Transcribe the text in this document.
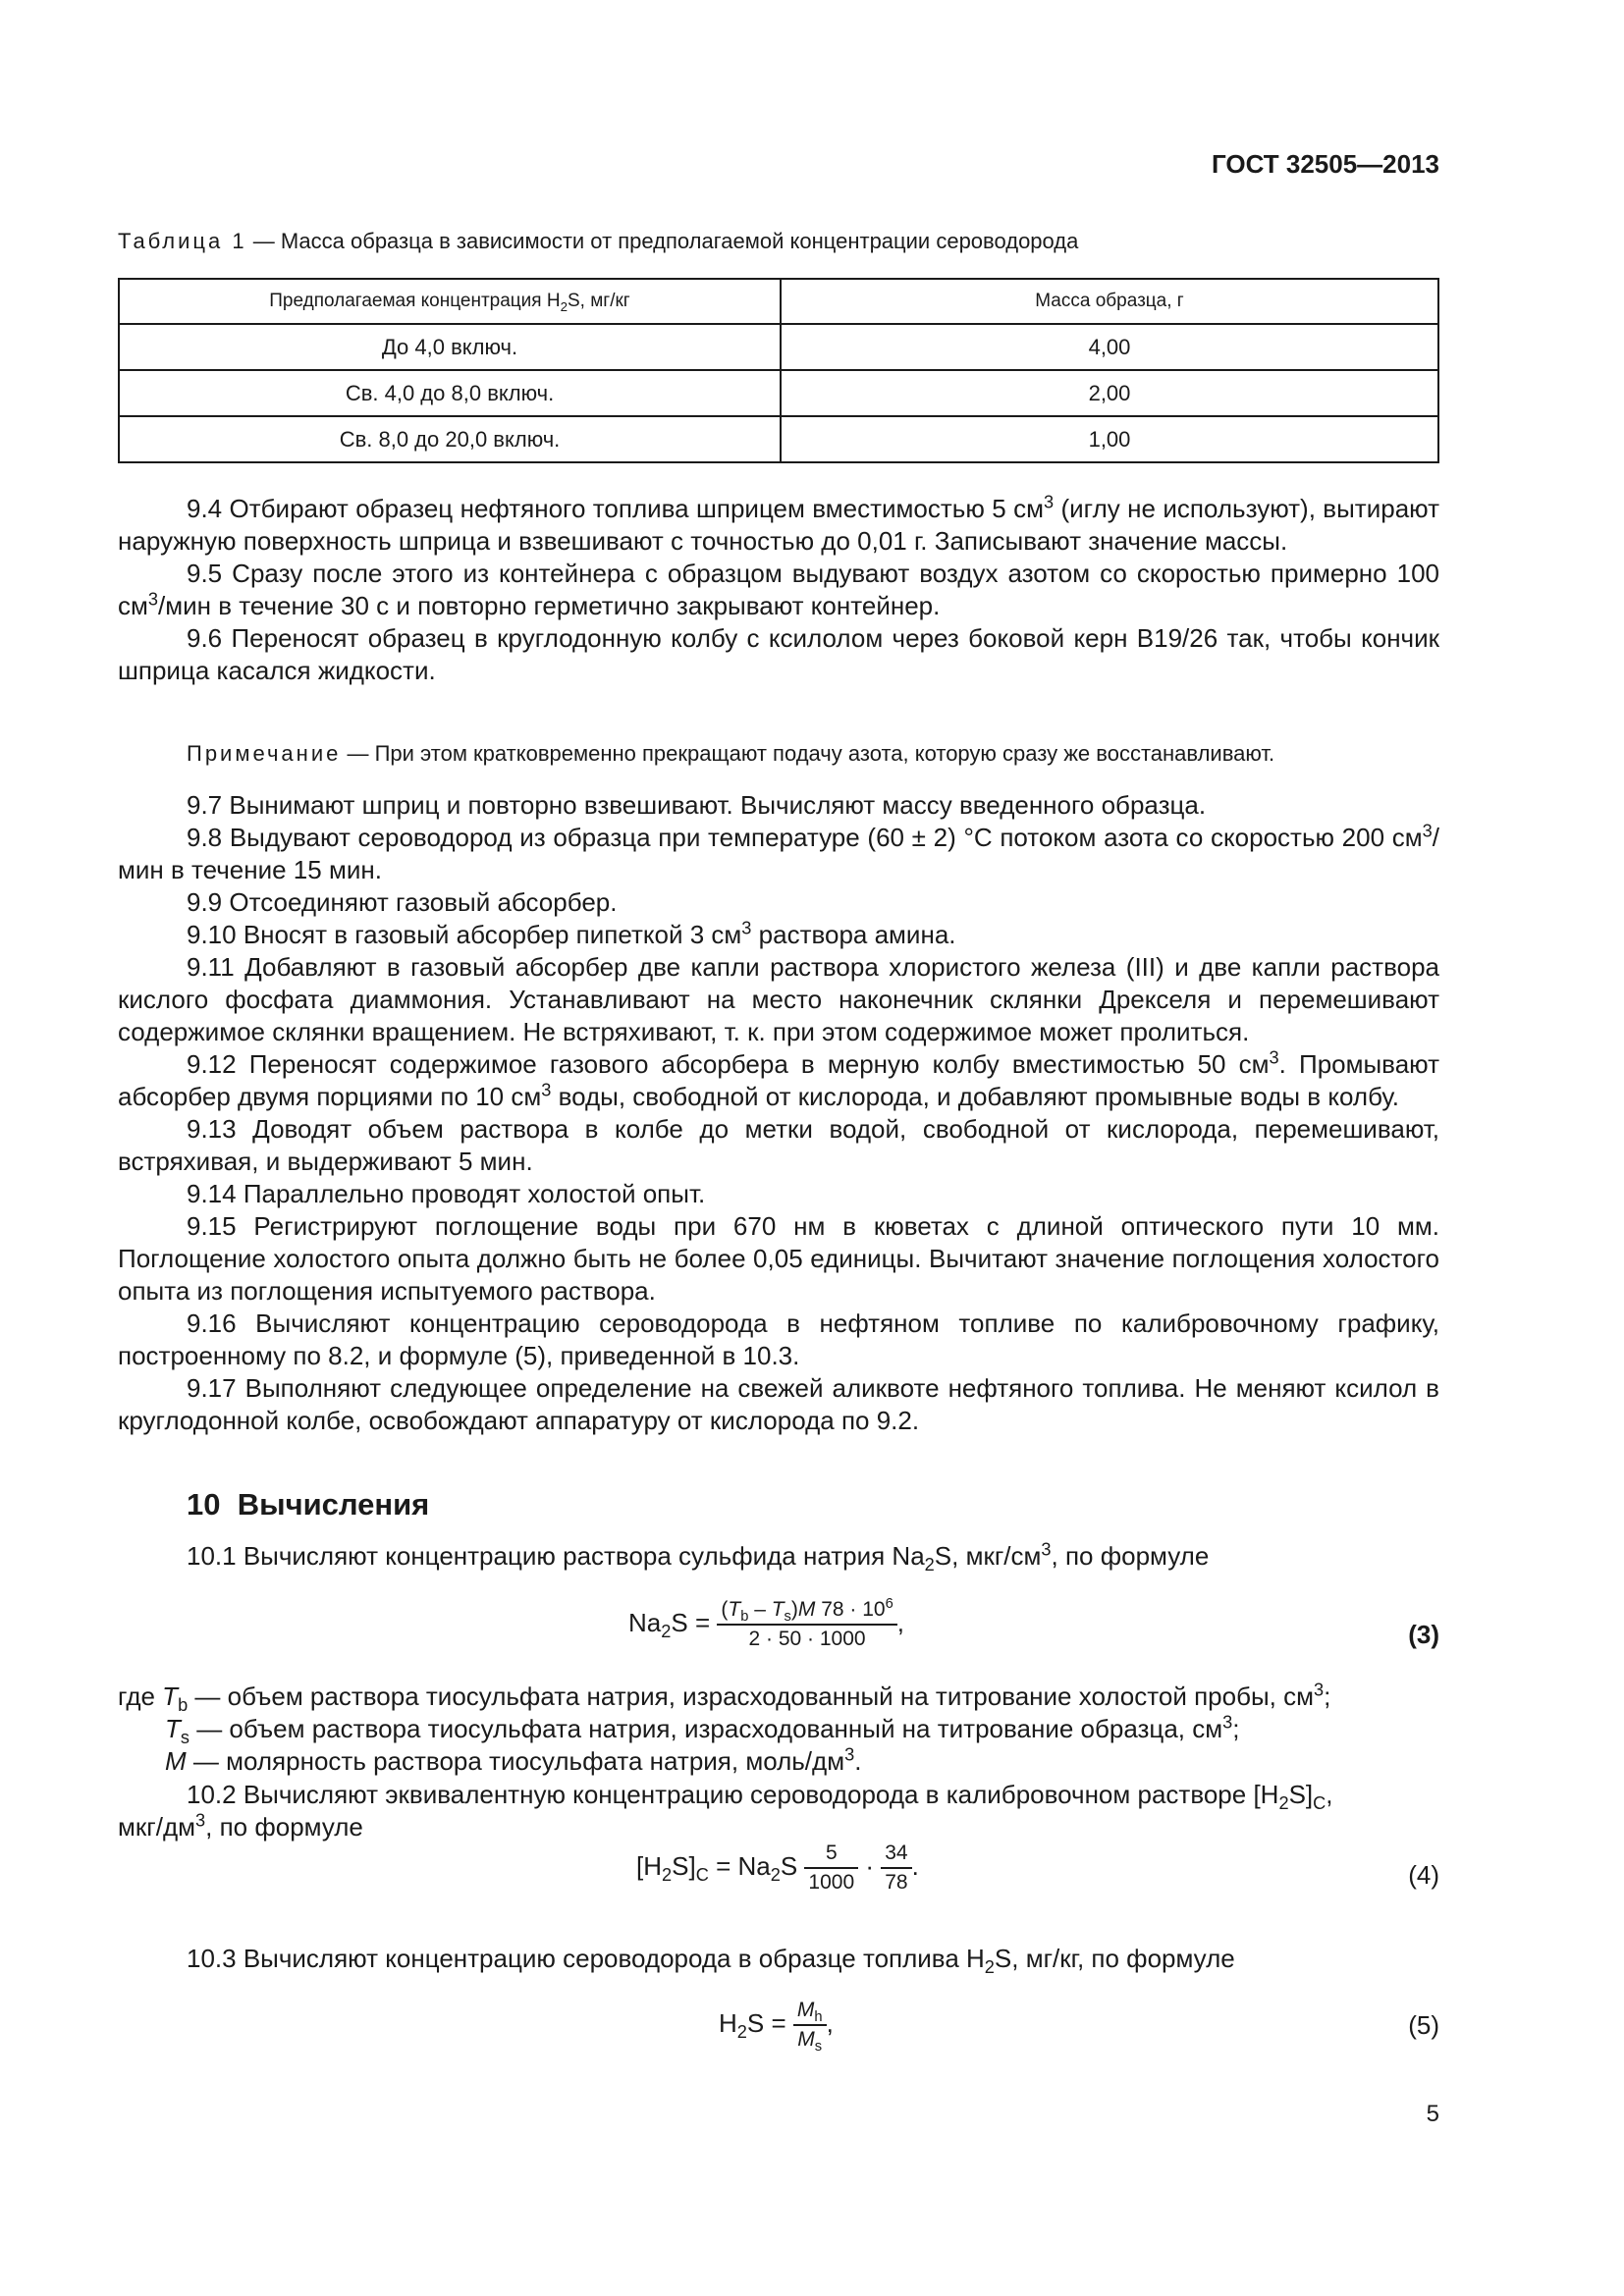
ГОСТ 32505—2013
Таблица 1 — Масса образца в зависимости от предполагаемой концентрации сероводорода
Предполагаемая концентрация $H_2S$, мг/кг	Масса образца, г
До 4,0 включ.	4,00
Св. 4,0 до 8,0 включ.	2,00
Св. 8,0 до 20,0 включ.	1,00

9.4 Отбирают образец нефтяного топлива шприцем вместимостью 5 $см^3$ (иглу не используют), вытирают наружную поверхность шприца и взвешивают с точностью до 0,01 г. Записывают значение массы.

9.5 Сразу после этого из контейнера с образцом выдувают воздух азотом со скоростью примерно 100 $см^3$/мин в течение 30 с и повторно герметично закрывают контейнер.

9.6 Переносят образец в круглодонную колбу с ксилолом через боковой керн В19/26 так, чтобы кончик шприца касался жидкости.

Примечание — При этом кратковременно прекращают подачу азота, которую сразу же восстанавливают.

9.7 Вынимают шприц и повторно взвешивают. Вычисляют массу введенного образца.

9.8 Выдувают сероводород из образца при температуре (60 ± 2) °С потоком азота со скоростью 200 $см^3$/мин в течение 15 мин.

9.9 Отсоединяют газовый абсорбер.

9.10 Вносят в газовый абсорбер пипеткой 3 $см^3$ раствора амина.

9.11 Добавляют в газовый абсорбер две капли раствора хлористого железа (III) и две капли раствора кислого фосфата диаммония. Устанавливают на место наконечник склянки Дрекселя и перемешивают содержимое склянки вращением. Не встряхивают, т. к. при этом содержимое может пролиться.

9.12 Переносят содержимое газового абсорбера в мерную колбу вместимостью 50 $см^3$. Промывают абсорбер двумя порциями по 10 $см^3$ воды, свободной от кислорода, и добавляют промывные воды в колбу.

9.13 Доводят объем раствора в колбе до метки водой, свободной от кислорода, перемешивают, встряхивая, и выдерживают 5 мин.

9.14 Параллельно проводят холостой опыт.

9.15 Регистрируют поглощение воды при 670 нм в кюветах с длиной оптического пути 10 мм. Поглощение холостого опыта должно быть не более 0,05 единицы. Вычитают значение поглощения холостого опыта из поглощения испытуемого раствора.

9.16 Вычисляют концентрацию сероводорода в нефтяном топливе по калибровочному графику, построенному по 8.2, и формуле (5), приведенной в 10.3.

9.17 Выполняют следующее определение на свежей аликвоте нефтяного топлива. Не меняют ксилол в круглодонной колбе, освобождают аппаратуру от кислорода по 9.2.

10 Вычисления
10.1 Вычисляют концентрацию раствора сульфида натрия $Na_2S$, мкг/$см^3$, по формуле
$Na_2S = \frac{(T_b - T_s)M 78 \cdot 10^6}{2 \cdot 50 \cdot 1000}$ ,	(3)
где $T_b$ — объем раствора тиосульфата натрия, израсходованный на титрование холостой пробы, $см^3$;
$T_s$ — объем раствора тиосульфата натрия, израсходованный на титрование образца, $см^3$;
M — молярность раствора тиосульфата натрия, моль/$дм^3$.

10.2 Вычисляют эквивалентную концентрацию сероводорода в калибровочном растворе $[H_2S]_C$,
мкг/$дм^3$, по формуле

$[H_2S]_C = Na_2S \frac{5}{1000} \cdot \frac{34}{78}$ .	(4)
10.3 Вычисляют концентрацию сероводорода в образце топлива $H_2S$, мг/кг, по формуле
$H_2S = \frac{M_h}{M_s}$ ,	(5)
5
